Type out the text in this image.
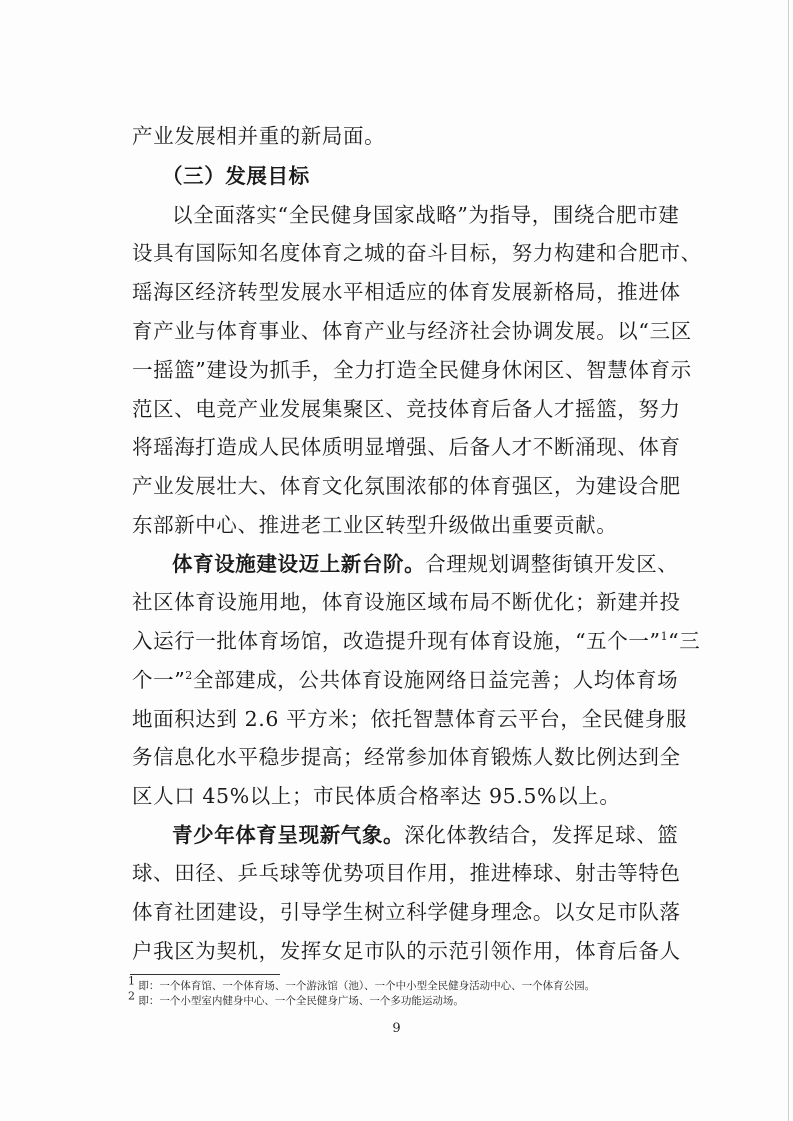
产业发展相并重的新局面。
（三）发展目标
以全面落实“全民健身国家战略”为指导，围绕合肥市建
设具有国际知名度体育之城的奋斗目标，努力构建和合肥市、
瑶海区经济转型发展水平相适应的体育发展新格局，推进体
育产业与体育事业、体育产业与经济社会协调发展。以“三区
一摇篮”建设为抓手，全力打造全民健身休闲区、智慧体育示
范区、电竞产业发展集聚区、竞技体育后备人才摇篮，努力
将瑶海打造成人民体质明显增强、后备人才不断涌现、体育
产业发展壮大、体育文化氛围浓郁的体育强区，为建设合肥
东部新中心、推进老工业区转型升级做出重要贡献。
体育设施建设迈上新台阶。合理规划调整街镇开发区、
社区体育设施用地，体育设施区域布局不断优化；新建并投
入运行一批体育场馆，改造提升现有体育设施，“五个一”$^1$“三
个一”$^2$全部建成，公共体育设施网络日益完善；人均体育场
地面积达到 2.6 平方米；依托智慧体育云平台，全民健身服
务信息化水平稳步提高；经常参加体育锻炼人数比例达到全
区人口 45%以上；市民体质合格率达 95.5%以上。
青少年体育呈现新气象。深化体教结合，发挥足球、篮
球、田径、乒乓球等优势项目作用，推进棒球、射击等特色
体育社团建设，引导学生树立科学健身理念。以女足市队落
户我区为契机，发挥女足市队的示范引领作用，体育后备人
$^1$ 即：一个体育馆、一个体育场、一个游泳馆（池）、一个中小型全民健身活动中心、一个体育公园。
$^2$ 即：一个小型室内健身中心、一个全民健身广场、一个多功能运动场。
9
